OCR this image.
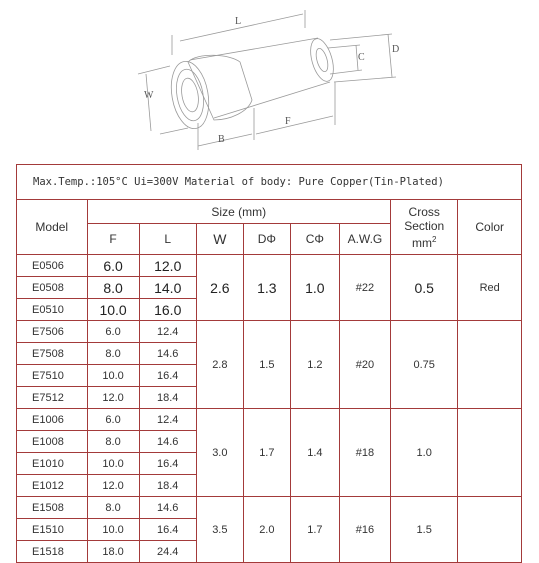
L
D
C
W
B
F
Max.Temp.:105°C Ui=300V Material of body: Pure Copper(Tin-Plated)								
Model	Size (mm)						Cross
Section
$mm^2$	Color
	F	L	W	DΦ	CΦ	A.W.G		
E0506	6.0	12.0	2.6	1.3	1.0	#22	0.5	Red
E0508	8.0	14.0						
E0510	10.0	16.0						
E7506	6.0	12.4	2.8	1.5	1.2	#20	0.75	
E7508	8.0	14.6						
E7510	10.0	16.4						
E7512	12.0	18.4						
E1006	6.0	12.4	3.0	1.7	1.4	#18	1.0	
E1008	8.0	14.6						
E1010	10.0	16.4						
E1012	12.0	18.4						
E1508	8.0	14.6	3.5	2.0	1.7	#16	1.5	
E1510	10.0	16.4						
E1518	18.0	24.4						
